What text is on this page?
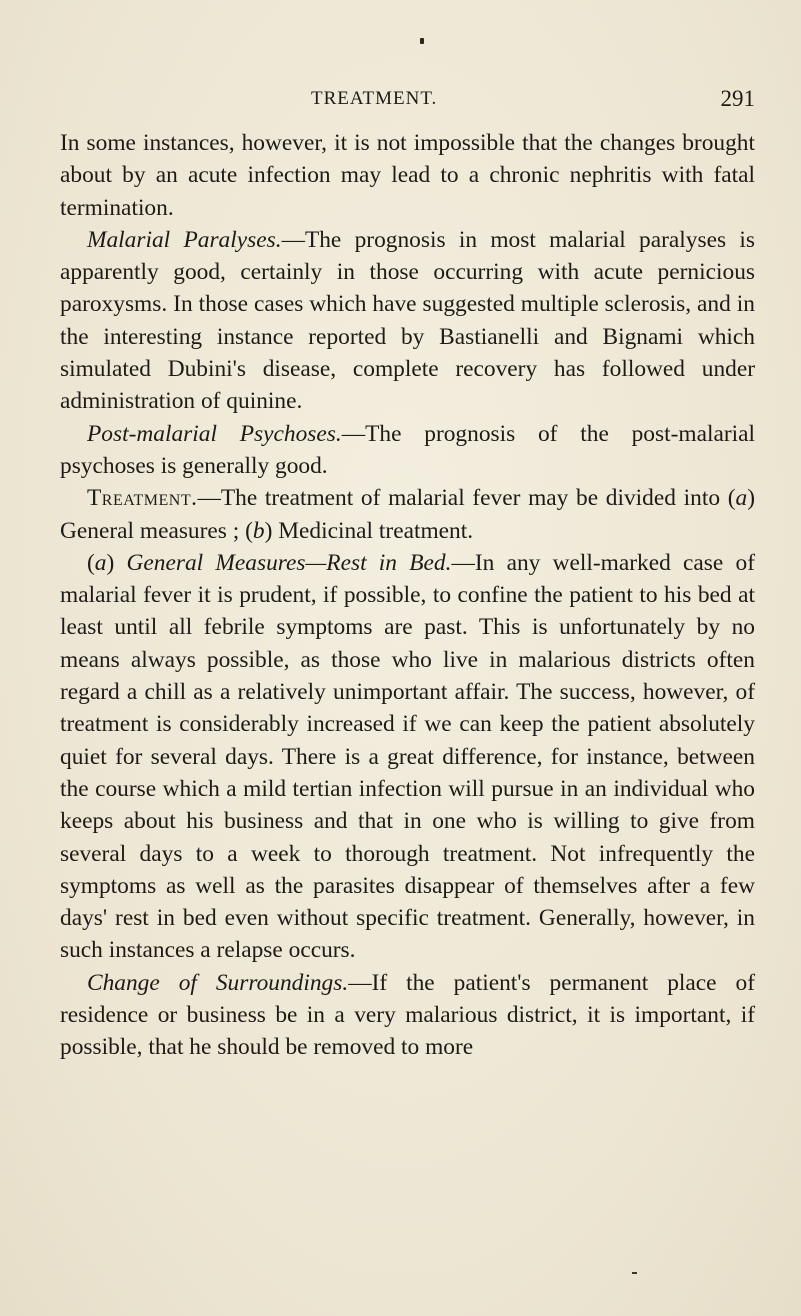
TREATMENT.	291

In some instances, however, it is not impossible that the changes brought about by an acute infection may lead to a chronic nephritis with fatal termination.

Malarial Paralyses.—The prognosis in most malarial paralyses is apparently good, certainly in those occurring with acute pernicious paroxysms. In those cases which have suggested multiple sclerosis, and in the interesting instance reported by Bastianelli and Bignami which simulated Dubini's disease, complete recovery has followed under administration of quinine.

Post-malarial Psychoses.—The prognosis of the post-malarial psychoses is generally good.

Treatment.—The treatment of malarial fever may be divided into (a) General measures ; (b) Medicinal treatment.

(a) General Measures—Rest in Bed.—In any well-marked case of malarial fever it is prudent, if possible, to confine the patient to his bed at least until all febrile symptoms are past. This is unfortunately by no means always possible, as those who live in malarious districts often regard a chill as a relatively unimportant affair. The success, however, of treatment is considerably increased if we can keep the patient absolutely quiet for several days. There is a great difference, for instance, between the course which a mild tertian infection will pursue in an individual who keeps about his business and that in one who is willing to give from several days to a week to thorough treatment. Not infrequently the symptoms as well as the parasites disappear of themselves after a few days' rest in bed even without specific treatment. Generally, however, in such instances a relapse occurs.

Change of Surroundings.—If the patient's permanent place of residence or business be in a very malarious district, it is important, if possible, that he should be removed to more
